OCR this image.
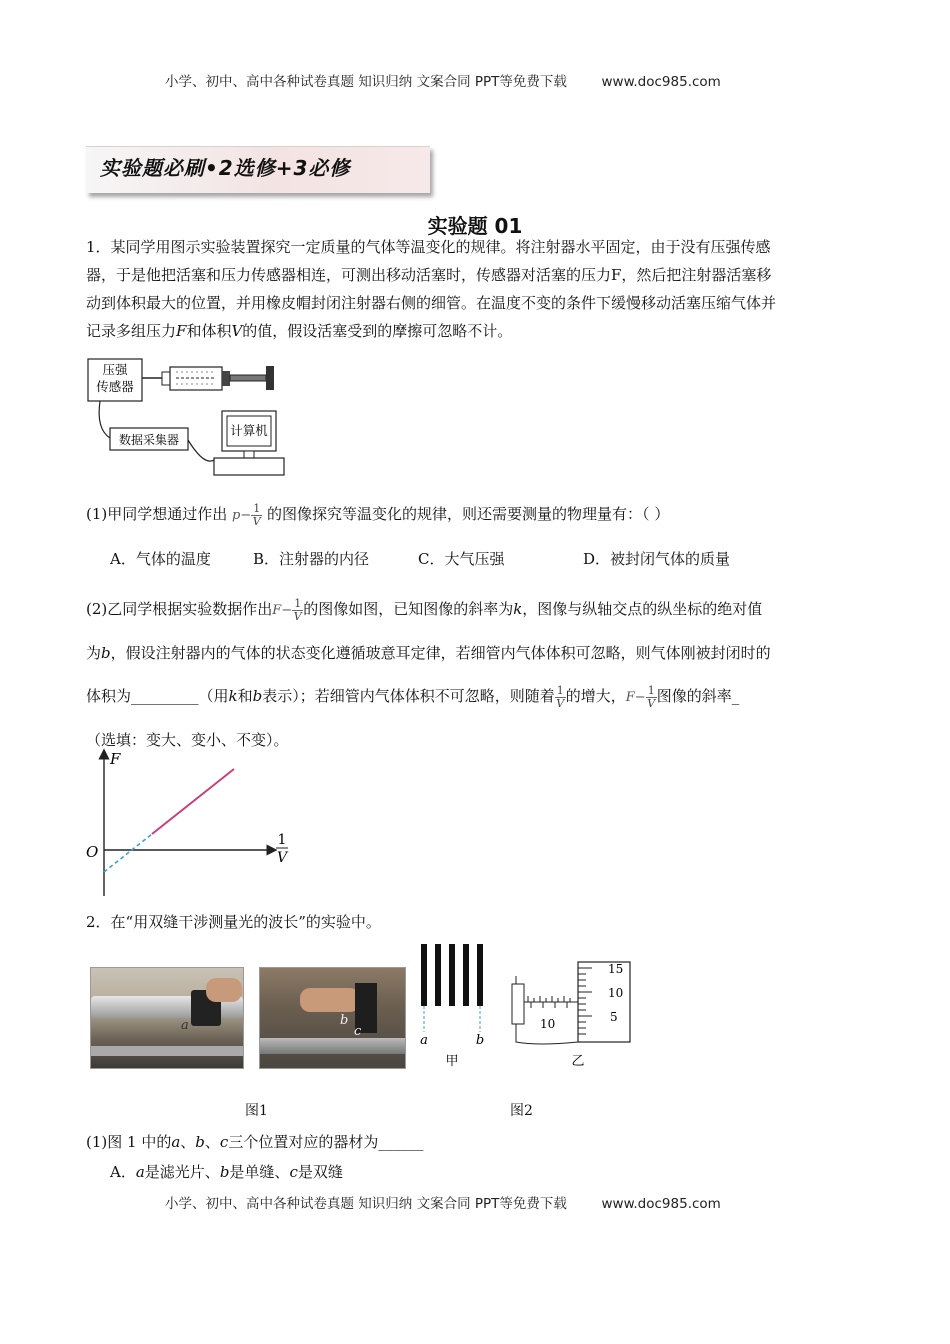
小学、初中、高中各种试卷真题 知识归纳 文案合同 PPT等免费下载	www.doc985.com
实验题必刷•2选修+3必修
实验题 01
1．某同学用图示实验装置探究一定质量的气体等温变化的规律。将注射器水平固定，由于没有压强传感
器，于是他把活塞和压力传感器相连，可测出移动活塞时，传感器对活塞的压力F，然后把注射器活塞移
动到体积最大的位置，并用橡皮帽封闭注射器右侧的细管。在温度不变的条件下缓慢移动活塞压缩气体并
记录多组压力F和体积V的值，假设活塞受到的摩擦可忽略不计。
压强
传感器
数据采集器
计算机
(1)甲同学想通过作出 $p- \frac{1}{V}$ 的图像探究等温变化的规律，则还需要测量的物理量有：（ ）
A．气体的温度	B．注射器的内径	C．大气压强	D．被封闭气体的质量
(2)乙同学根据实验数据作出$F- \frac{1}{V}$ 的图像如图，已知图像的斜率为k，图像与纵轴交点的纵坐标的绝对值
为b，假设注射器内的气体的状态变化遵循玻意耳定律，若细管内气体体积可忽略，则气体刚被封闭时的
体积为_________（用k和b表示）；若细管内气体体积不可忽略，则随着 $\frac{1}{V}$ 的增大，$F- \frac{1}{V}$ 图像的斜率_
（选填：变大、变小、不变）。
F
O
1
V
2．在“用双缝干涉测量光的波长”的实验中。
a	b
c
a	b
甲
15
10
5
10
乙
图1	图2
(1)图 1 中的a、b、c三个位置对应的器材为______
A．a是滤光片、b是单缝、c是双缝
小学、初中、高中各种试卷真题 知识归纳 文案合同 PPT等免费下载	www.doc985.com
